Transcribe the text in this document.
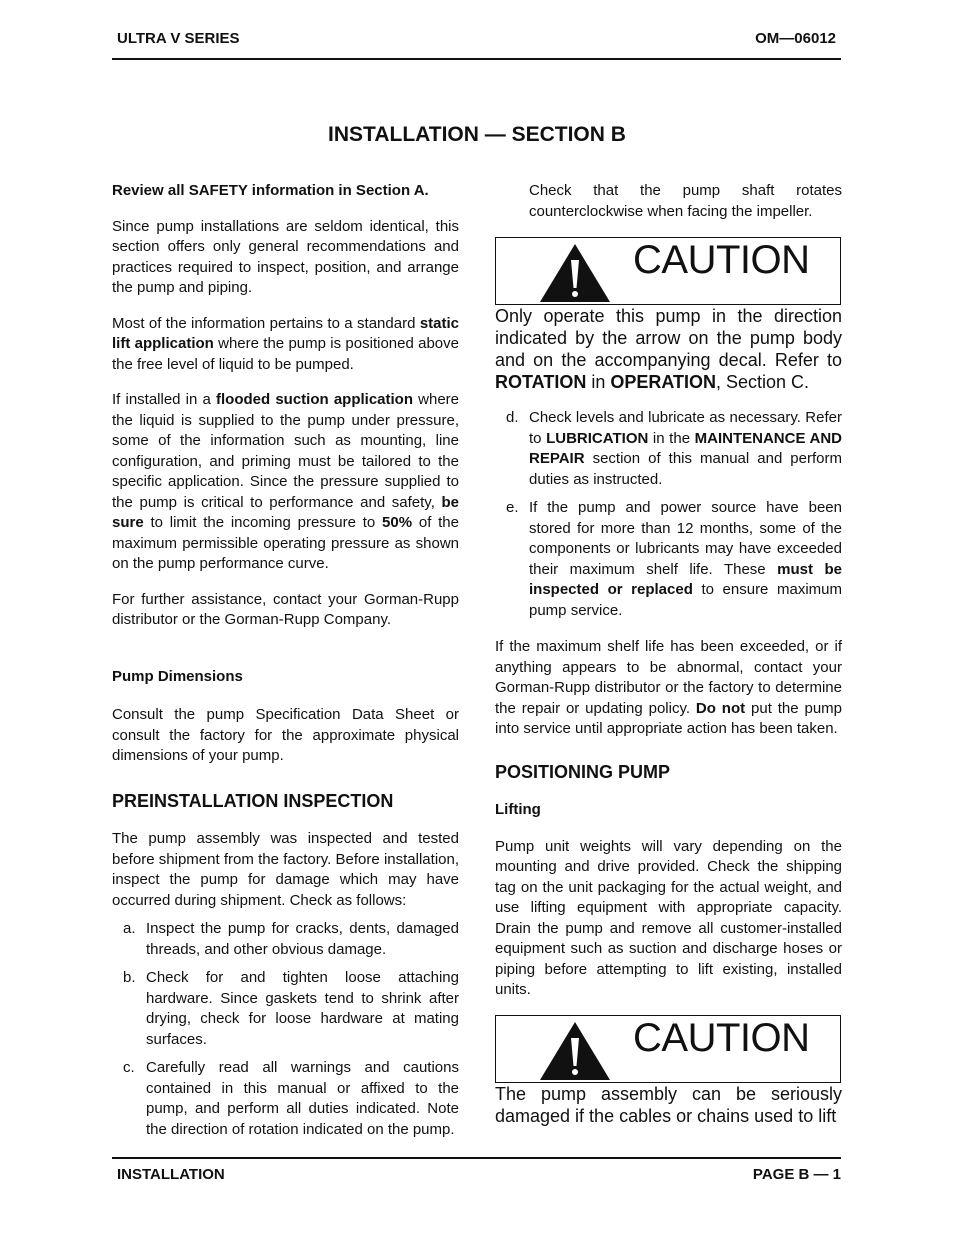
ULTRA V SERIES	OM—06012
INSTALLATION — SECTION B

Review all SAFETY information in Section A.

Since pump installations are seldom identical, this section offers only general recommendations and practices required to inspect, position, and arrange the pump and piping.

Most of the information pertains to a standard static lift application where the pump is positioned above the free level of liquid to be pumped.

If installed in a flooded suction application where the liquid is supplied to the pump under pressure, some of the information such as mounting, line configuration, and priming must be tailored to the specific application. Since the pressure supplied to the pump is critical to performance and safety, be sure to limit the incoming pressure to 50% of the maximum permissible operating pressure as shown on the pump performance curve.

For further assistance, contact your Gorman-Rupp distributor or the Gorman-Rupp Company.

Pump Dimensions

Consult the pump Specification Data Sheet or consult the factory for the approximate physical dimensions of your pump.

PREINSTALLATION INSPECTION

The pump assembly was inspected and tested before shipment from the factory. Before installation, inspect the pump for damage which may have occurred during shipment. Check as follows:

a. Inspect the pump for cracks, dents, damaged threads, and other obvious damage.
b. Check for and tighten loose attaching hardware. Since gaskets tend to shrink after drying, check for loose hardware at mating surfaces.
c. Carefully read all warnings and cautions contained in this manual or affixed to the pump, and perform all duties indicated. Note the direction of rotation indicated on the pump.

Check that the pump shaft rotates counterclockwise when facing the impeller.

CAUTION

Only operate this pump in the direction indicated by the arrow on the pump body and on the accompanying decal. Refer to ROTATION in OPERATION, Section C.

d. Check levels and lubricate as necessary. Refer to LUBRICATION in the MAINTENANCE AND REPAIR section of this manual and perform duties as instructed.
e. If the pump and power source have been stored for more than 12 months, some of the components or lubricants may have exceeded their maximum shelf life. These must be inspected or replaced to ensure maximum pump service.

If the maximum shelf life has been exceeded, or if anything appears to be abnormal, contact your Gorman-Rupp distributor or the factory to determine the repair or updating policy. Do not put the pump into service until appropriate action has been taken.

POSITIONING PUMP

Lifting

Pump unit weights will vary depending on the mounting and drive provided. Check the shipping tag on the unit packaging for the actual weight, and use lifting equipment with appropriate capacity. Drain the pump and remove all customer-installed equipment such as suction and discharge hoses or piping before attempting to lift existing, installed units.

CAUTION

The pump assembly can be seriously damaged if the cables or chains used to lift

INSTALLATION	PAGE B — 1
